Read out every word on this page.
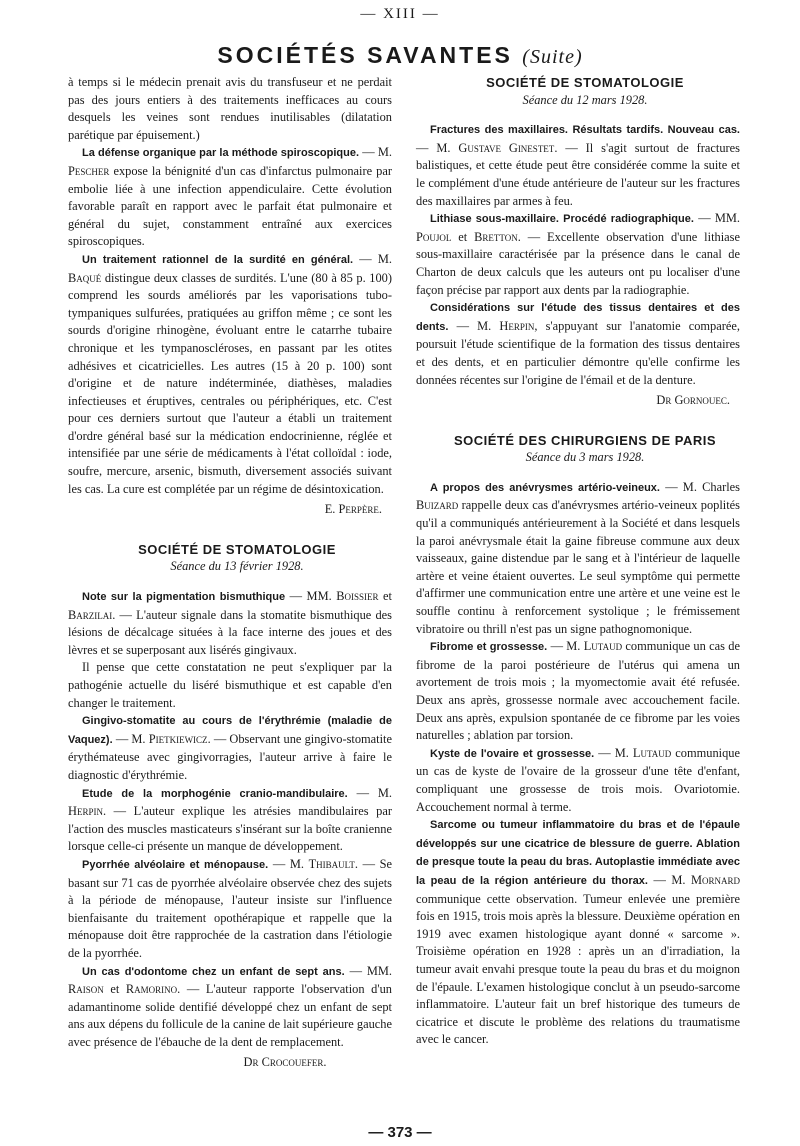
— XIII —
SOCIÉTÉS SAVANTES (Suite)

à temps si le médecin prenait avis du transfuseur et ne perdait pas des jours entiers à des traitements inefficaces au cours desquels les veines sont rendues inutilisables (dilatation parétique par épuisement.)

La défense organique par la méthode spiroscopique. — M. Pescher expose la bénignité d'un cas d'infarctus pulmonaire par embolie liée à une infection appendiculaire. Cette évolution favorable paraît en rapport avec le parfait état pulmonaire et général du sujet, constamment entraîné aux exercices spiroscopiques.

Un traitement rationnel de la surdité en général. — M. Baqué distingue deux classes de surdités. L'une (80 à 85 p. 100) comprend les sourds améliorés par les vaporisations tubo-tympaniques sulfurées, pratiquées au griffon même ; ce sont les sourds d'origine rhinogène, évoluant entre le catarrhe tubaire chronique et les tympanoscléroses, en passant par les otites adhésives et cicatricielles. Les autres (15 à 20 p. 100) sont d'origine et de nature indéterminée, diathèses, maladies infectieuses et éruptives, centrales ou périphériques, etc. C'est pour ces derniers surtout que l'auteur a établi un traitement d'ordre général basé sur la médication endocrinienne, réglée et intensifiée par une série de médicaments à l'état colloïdal : iode, soufre, mercure, arsenic, bismuth, diversement associés suivant les cas. La cure est complétée par un régime de désintoxication.

E. Perpère.

SOCIÉTÉ DE STOMATOLOGIE

Séance du 13 février 1928.

Note sur la pigmentation bismuthique — MM. Boissier et Barzilai. — L'auteur signale dans la stomatite bismuthique des lésions de décalcage situées à la face interne des joues et des lèvres et se superposant aux lisérés gingivaux.

Il pense que cette constatation ne peut s'expliquer par la pathogénie actuelle du liséré bismuthique et est capable d'en changer le traitement.

Gingivo-stomatite au cours de l'érythrémie (maladie de Vaquez). — M. Pietkiewicz. — Observant une gingivo-stomatite érythémateuse avec gingivorragies, l'auteur arrive à faire le diagnostic d'érythrémie.

Etude de la morphogénie cranio-mandibulaire. — M. Herpin. — L'auteur explique les atrésies mandibulaires par l'action des muscles masticateurs s'insérant sur la boîte cranienne lorsque celle-ci présente un manque de développement.

Pyorrhée alvéolaire et ménopause. — M. Thibault. — Se basant sur 71 cas de pyorrhée alvéolaire observée chez des sujets à la période de ménopause, l'auteur insiste sur l'influence bienfaisante du traitement opothérapique et rappelle que la ménopause doit être rapprochée de la castration dans l'étiologie de la pyorrhée.

Un cas d'odontome chez un enfant de sept ans. — MM. Raison et Ramorino. — L'auteur rapporte l'observation d'un adamantinome solide dentifié développé chez un enfant de sept ans aux dépens du follicule de la canine de lait supérieure gauche avec présence de l'ébauche de la dent de remplacement.

Dr Crocouefer.

SOCIÉTÉ DE STOMATOLOGIE

Séance du 12 mars 1928.

Fractures des maxillaires. Résultats tardifs. Nouveau cas. — M. Gustave Ginestet. — Il s'agit surtout de fractures balistiques, et cette étude peut être considérée comme la suite et le complément d'une étude antérieure de l'auteur sur les fractures des maxillaires par armes à feu.

Lithiase sous-maxillaire. Procédé radiographique. — MM. Poujol et Bretton. — Excellente observation d'une lithiase sous-maxillaire caractérisée par la présence dans le canal de Charton de deux calculs que les auteurs ont pu localiser d'une façon précise par rapport aux dents par la radiographie.

Considérations sur l'étude des tissus dentaires et des dents. — M. Herpin, s'appuyant sur l'anatomie comparée, poursuit l'étude scientifique de la formation des tissus dentaires et des dents, et en particulier démontre qu'elle confirme les données récentes sur l'origine de l'émail et de la denture.

Dr Gornouec.

SOCIÉTÉ DES CHIRURGIENS DE PARIS

Séance du 3 mars 1928.

A propos des anévrysmes artério-veineux. — M. Charles Buizard rappelle deux cas d'anévrysmes artério-veineux poplités qu'il a communiqués antérieurement à la Société et dans lesquels la paroi anévrysmale était la gaine fibreuse commune aux deux vaisseaux, gaine distendue par le sang et à l'intérieur de laquelle artère et veine étaient ouvertes. Le seul symptôme qui permette d'affirmer une communication entre une artère et une veine est le souffle continu à renforcement systolique ; le frémissement vibratoire ou thrill n'est pas un signe pathognomonique.

Fibrome et grossesse. — M. Lutaud communique un cas de fibrome de la paroi postérieure de l'utérus qui amena un avortement de trois mois ; la myomectomie avait été refusée. Deux ans après, grossesse normale avec accouchement facile. Deux ans après, expulsion spontanée de ce fibrome par les voies naturelles ; ablation par torsion.

Kyste de l'ovaire et grossesse. — M. Lutaud communique un cas de kyste de l'ovaire de la grosseur d'une tête d'enfant, compliquant une grossesse de trois mois. Ovariotomie. Accouchement normal à terme.

Sarcome ou tumeur inflammatoire du bras et de l'épaule développés sur une cicatrice de blessure de guerre. Ablation de presque toute la peau du bras. Autoplastie immédiate avec la peau de la région antérieure du thorax. — M. Mornard communique cette observation. Tumeur enlevée une première fois en 1915, trois mois après la blessure. Deuxième opération en 1919 avec examen histologique ayant donné « sarcome ». Troisième opération en 1928 : après un an d'irradiation, la tumeur avait envahi presque toute la peau du bras et du moignon de l'épaule. L'examen histologique conclut à un pseudo-sarcome inflammatoire. L'auteur fait un bref historique des tumeurs de cicatrice et discute le problème des relations du traumatisme avec le cancer.

— 373 —
